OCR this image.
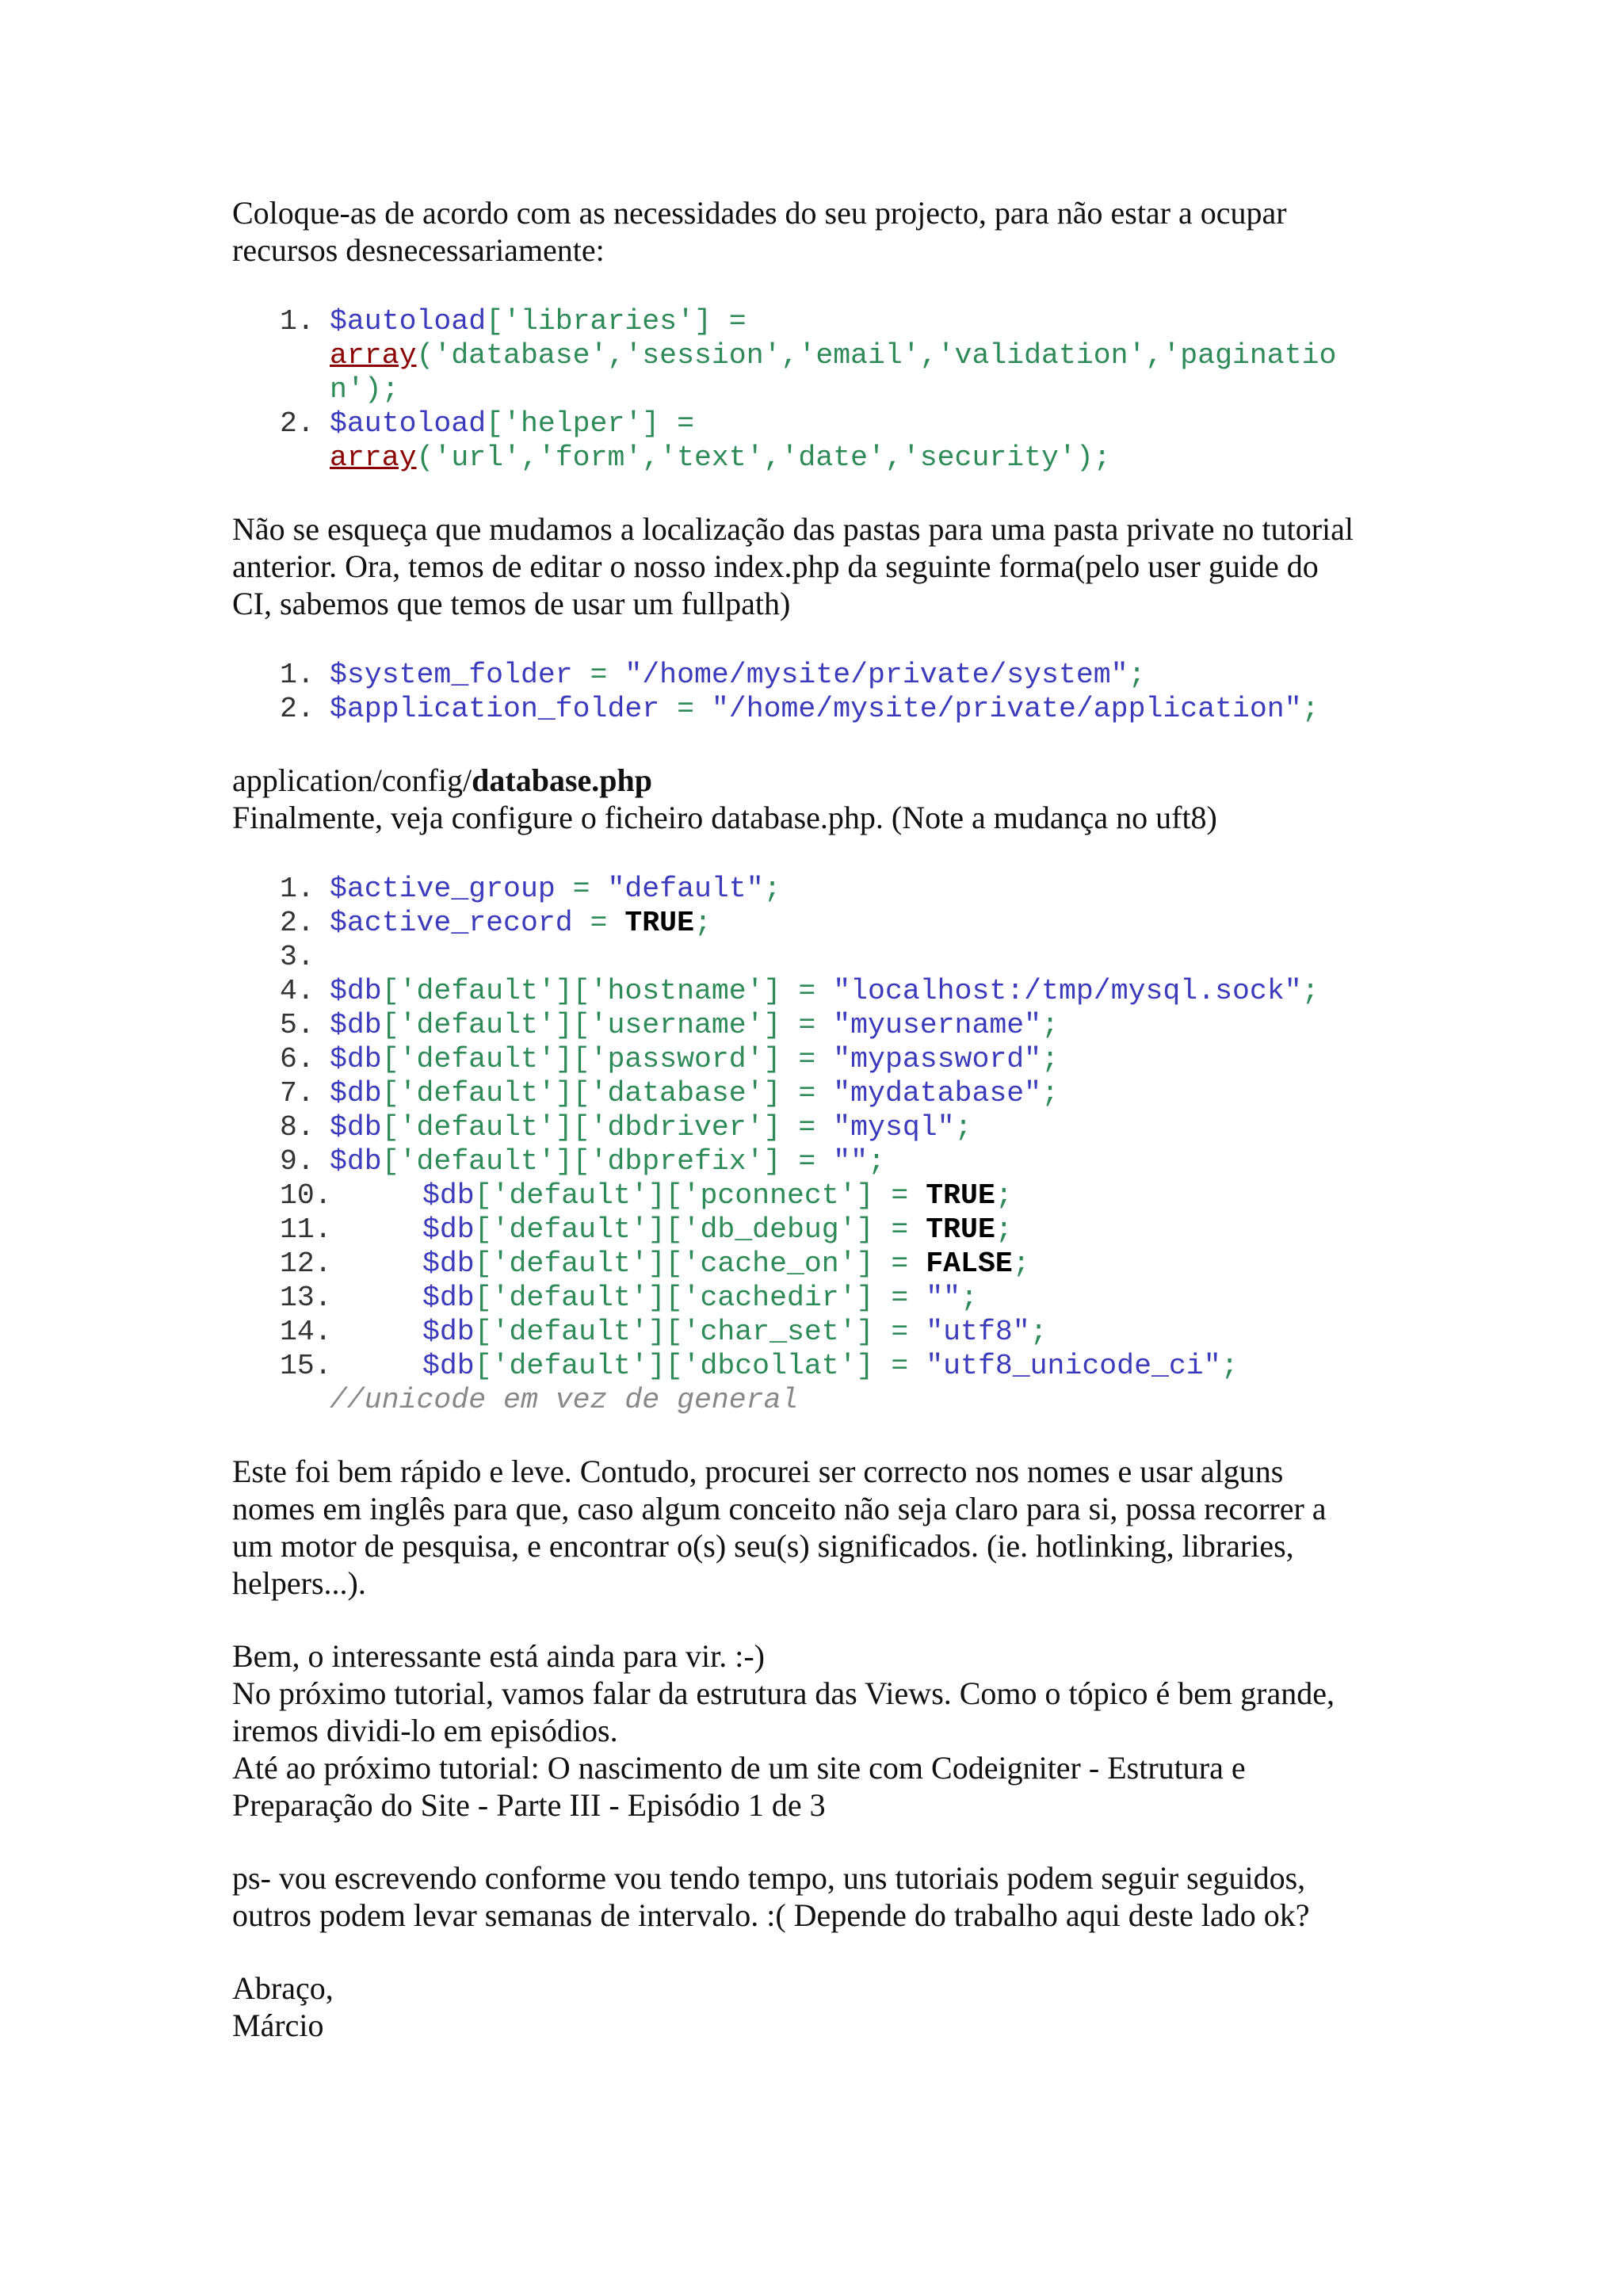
Coloque-as de acordo com as necessidades do seu projecto, para não estar a ocupar
recursos desnecessariamente:

1. $autoload['libraries'] =
array('database','session','email','validation','paginatio
n');
2. $autoload['helper'] =
array('url','form','text','date','security');

Não se esqueça que mudamos a localização das pastas para uma pasta private no tutorial
anterior. Ora, temos de editar o nosso index.php da seguinte forma(pelo user guide do
CI, sabemos que temos de usar um fullpath)

1. $system_folder = "/home/mysite/private/system";
2. $application_folder = "/home/mysite/private/application";

application/config/database.php
Finalmente, veja configure o ficheiro database.php. (Note a mudança no uft8)

1. $active_group = "default";
2. $active_record = TRUE;
3.
4. $db['default']['hostname'] = "localhost:/tmp/mysql.sock";
5. $db['default']['username'] = "myusername";
6. $db['default']['password'] = "mypassword";
7. $db['default']['database'] = "mydatabase";
8. $db['default']['dbdriver'] = "mysql";
9. $db['default']['dbprefix'] = "";
10.	$db['default']['pconnect'] = TRUE;
11.	$db['default']['db_debug'] = TRUE;
12.	$db['default']['cache_on'] = FALSE;
13.	$db['default']['cachedir'] = "";
14.	$db['default']['char_set'] = "utf8";
15.	$db['default']['dbcollat'] = "utf8_unicode_ci";
//unicode em vez de general

Este foi bem rápido e leve. Contudo, procurei ser correcto nos nomes e usar alguns
nomes em inglês para que, caso algum conceito não seja claro para si, possa recorrer a
um motor de pesquisa, e encontrar o(s) seu(s) significados. (ie. hotlinking, libraries,
helpers...).

Bem, o interessante está ainda para vir. :-)
No próximo tutorial, vamos falar da estrutura das Views. Como o tópico é bem grande,
iremos dividi-lo em episódios.
Até ao próximo tutorial: O nascimento de um site com Codeigniter - Estrutura e
Preparação do Site - Parte III - Episódio 1 de 3

ps- vou escrevendo conforme vou tendo tempo, uns tutoriais podem seguir seguidos,
outros podem levar semanas de intervalo. :( Depende do trabalho aqui deste lado ok?

Abraço,
Márcio
